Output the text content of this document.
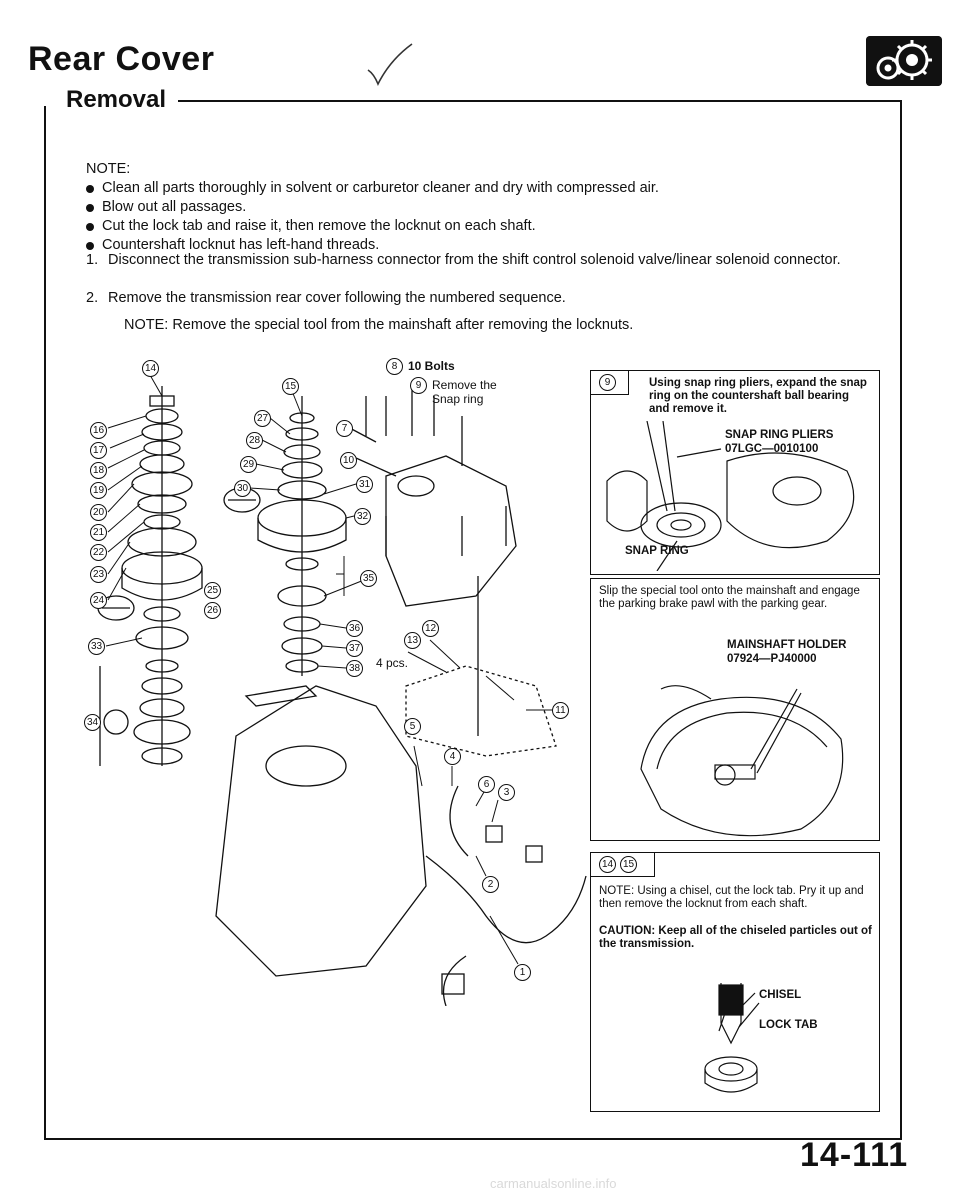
Rear Cover
Removal
NOTE:
Clean all parts thoroughly in solvent or carburetor cleaner and dry with compressed air.
Blow out all passages.
Cut the lock tab and raise it, then remove the locknut on each shaft.
Countershaft locknut has left-hand threads.
1. Disconnect the transmission sub-harness connector from the shift control solenoid valve/linear solenoid connector.
2. Remove the transmission rear cover following the numbered sequence.
NOTE: Remove the special tool from the mainshaft after removing the locknuts.
8 10 Bolts
9 Remove the
Snap ring
4 pcs.
14
16
17
18
19
20
21
22
23
24
33
34
25
26
15
27
28
29
30	31
32
35
36
37
38
7
10
13
12
11
5
4
6
3
2
1
9	Using snap ring pliers, expand the snap ring on the countershaft ball bearing and remove it.

SNAP RING PLIERS

07LGC—0010100

SNAP RING

Slip the special tool onto the mainshaft and engage the parking brake pawl with the parking gear.

MAINSHAFT HOLDER

07924—PJ40000

14 15

NOTE: Using a chisel, cut the lock tab. Pry it up and then remove the locknut from each shaft.

CAUTION: Keep all of the chiseled particles out of the transmission.

CHISEL

LOCK TAB

14-111
carmanualsonline.info
